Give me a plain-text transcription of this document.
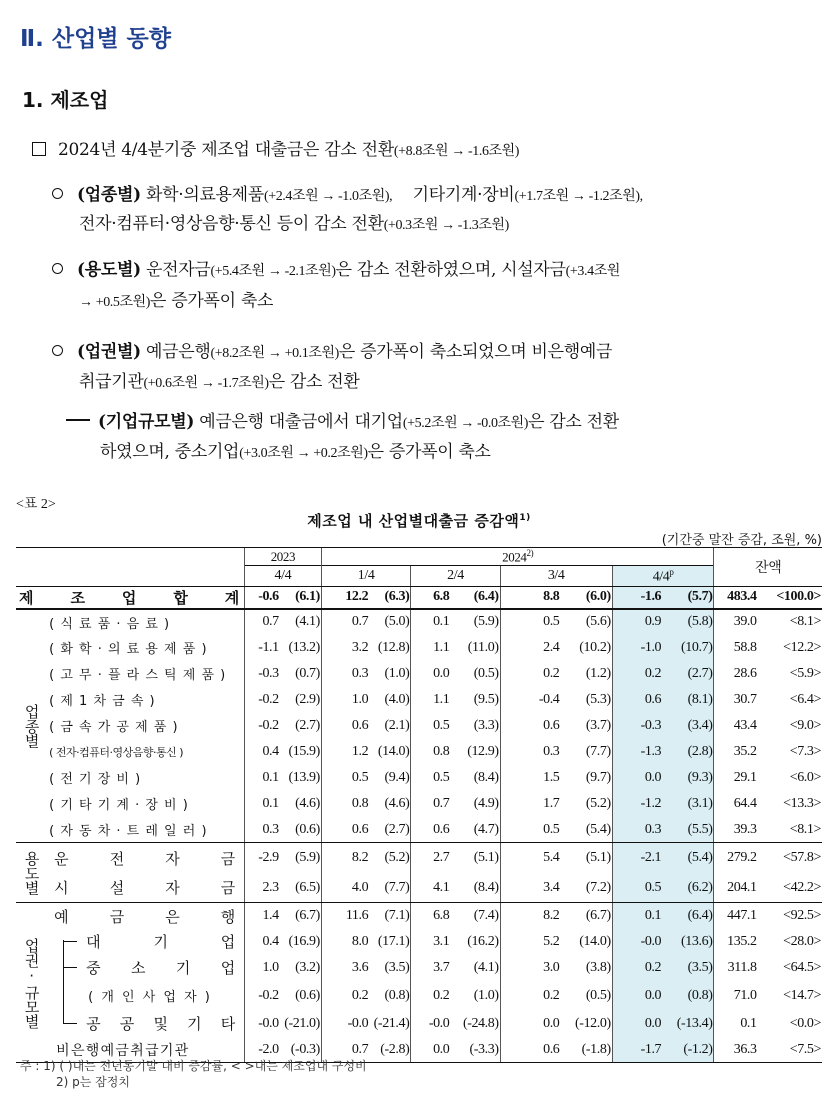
Ⅱ. 산업별 동향
1. 제조업
2024년 4/4분기중 제조업 대출금은 감소 전환(+8.8조원 → -1.6조원)
(업종별) 화학·의료용제품(+2.4조원 → -1.0조원), 기타기계·장비(+1.7조원 → -1.2조원),
전자·컴퓨터·영상음향·통신 등이 감소 전환(+0.3조원 → -1.3조원)
(용도별) 운전자금(+5.4조원 → -2.1조원)은 감소 전환하였으며, 시설자금(+3.4조원
→ +0.5조원)은 증가폭이 축소
(업권별) 예금은행(+8.2조원 → +0.1조원)은 증가폭이 축소되었으며 비은행예금
취급기관(+0.6조원 → -1.7조원)은 감소 전환
(기업규모별) 예금은행 대출금에서 대기업(+5.2조원 → -0.0조원)은 감소 전환
하였으며, 중소기업(+3.0조원 → +0.2조원)은 증가폭이 축소
<표 2>
제조업 내 산업별대출금 증감액$^{1)}$
(기간중 말잔 증감, 조원, %)
		2023		2024$^{2)}$	
		4/4		1/4		2/4		3/4		4/4$^p$		잔액	

제 조 업 합 계		-0.6	(6.1)	12.2	(6.3)	6.8	(6.4)	8.8	(6.0)	-1.6	(5.7)	483.4	<100.0>
업종별	( 식 료 품 · 음 료 )	0.7	(4.1)	0.7	(5.0)	0.1	(5.9)	0.5	(5.6)	0.9	(5.8)	39.0	<8.1>
	( 화 학 · 의 료 용 제 품 )	-1.1	(13.2)	3.2	(12.8)	1.1	(11.0)	2.4	(10.2)	-1.0	(10.7)	58.8	<12.2>
	( 고 무 · 플 라 스 틱 제 품 )	-0.3	(0.7)	0.3	(1.0)	0.0	(0.5)	0.2	(1.2)	0.2	(2.7)	28.6	<5.9>
	( 제 1 차 금 속 )	-0.2	(2.9)	1.0	(4.0)	1.1	(9.5)	-0.4	(5.3)	0.6	(8.1)	30.7	<6.4>
	( 금 속 가 공 제 품 )	-0.2	(2.7)	0.6	(2.1)	0.5	(3.3)	0.6	(3.7)	-0.3	(3.4)	43.4	<9.0>
	( 전자·컴퓨터·영상음향·통신 )	0.4	(15.9)	1.2	(14.0)	0.8	(12.9)	0.3	(7.7)	-1.3	(2.8)	35.2	<7.3>
	( 전 기 장 비 )	0.1	(13.9)	0.5	(9.4)	0.5	(8.4)	1.5	(9.7)	0.0	(9.3)	29.1	<6.0>
	( 기 타 기 계 · 장 비 )	0.1	(4.6)	0.8	(4.6)	0.7	(4.9)	1.7	(5.2)	-1.2	(3.1)	64.4	<13.3>
	( 자 동 차 · 트 레 일 러 )	0.3	(0.6)	0.6	(2.7)	0.6	(4.7)	0.5	(5.4)	0.3	(5.5)	39.3	<8.1>
용도별	운 전 자 금	-2.9	(5.9)	8.2	(5.2)	2.7	(5.1)	5.4	(5.1)	-2.1	(5.4)	279.2	<57.8>

	시 설 자 금	2.3	(6.5)	4.0	(7.7)	4.1	(8.4)	3.4	(7.2)	0.5	(6.2)	204.1	<42.2>
업권·규모별	예 금 은 행	1.4	(6.7)	11.6	(7.1)	6.8	(7.4)	8.2	(6.7)	0.1	(6.4)	447.1	<92.5>

	대 기 업	0.4	(16.9)	8.0	(17.1)	3.1	(16.2)	5.2	(14.0)	-0.0	(13.6)	135.2	<28.0>

	중 소 기 업	1.0	(3.2)	3.6	(3.5)	3.7	(4.1)	3.0	(3.8)	0.2	(3.5)	311.8	<64.5>

	( 개 인 사 업 자 )	-0.2	(0.6)	0.2	(0.8)	0.2	(1.0)	0.2	(0.5)	0.0	(0.8)	71.0	<14.7>

	공 공 및 기 타	-0.0	(-21.0)	-0.0	(-21.4)	-0.0	(-24.8)	0.0	(-12.0)	0.0	(-13.4)	0.1	<0.0>

	비은행예금취급기관	-2.0	(-0.3)	0.7	(-2.8)	0.0	(-3.3)	0.6	(-1.8)	-1.7	(-1.2)	36.3	<7.5>
주 : 1) ( )내는 전년동기말 대비 증감률, < >내는 제조업내 구성비
2) p는 잠정치
